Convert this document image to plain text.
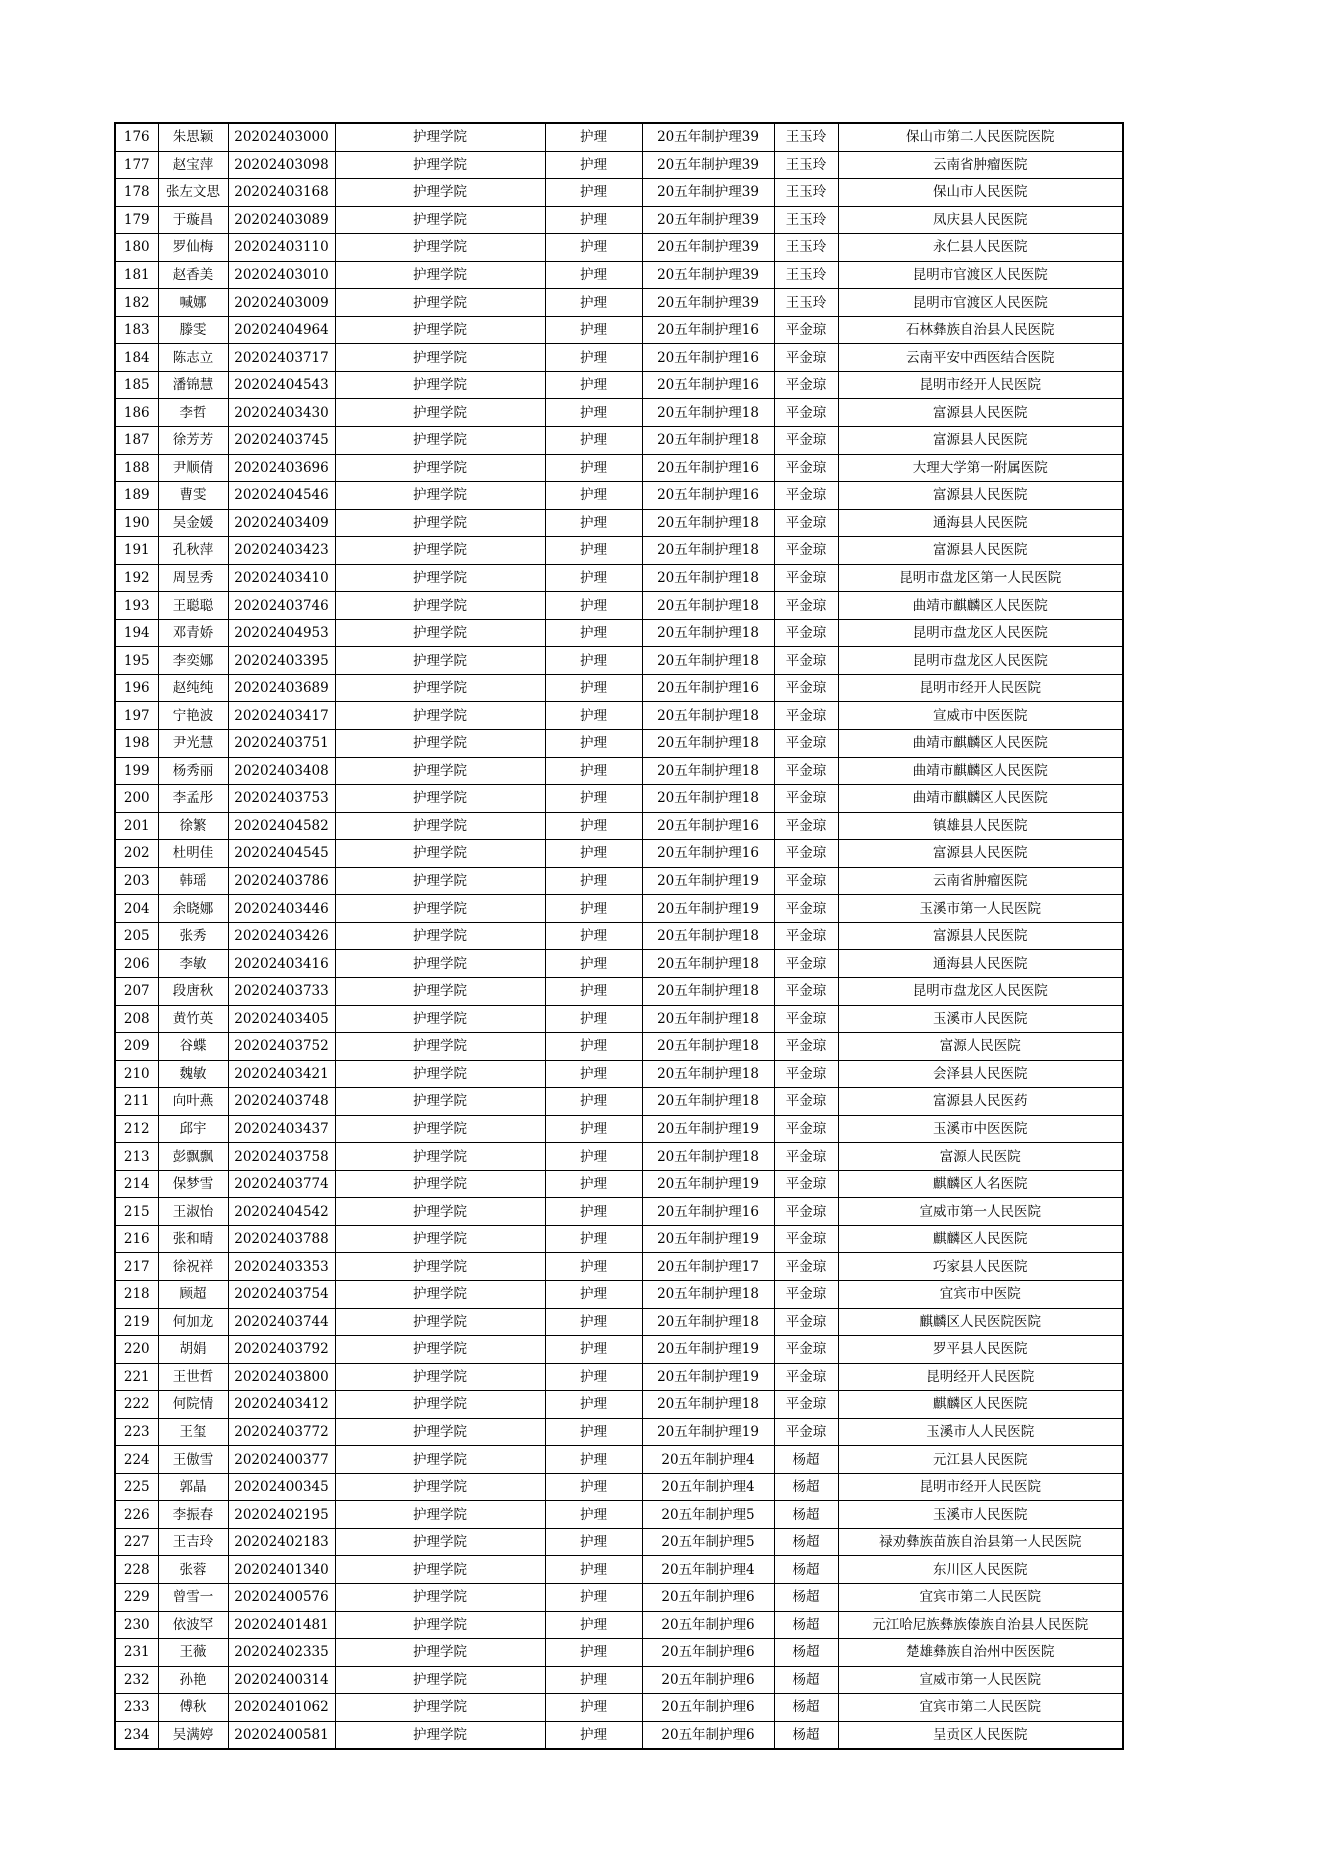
176	朱思颖	20202403000	护理学院	护理	20五年制护理39	王玉玲	保山市第二人民医院医院
177	赵宝萍	20202403098	护理学院	护理	20五年制护理39	王玉玲	云南省肿瘤医院
178	张左文思	20202403168	护理学院	护理	20五年制护理39	王玉玲	保山市人民医院
179	于璇昌	20202403089	护理学院	护理	20五年制护理39	王玉玲	凤庆县人民医院
180	罗仙梅	20202403110	护理学院	护理	20五年制护理39	王玉玲	永仁县人民医院
181	赵香美	20202403010	护理学院	护理	20五年制护理39	王玉玲	昆明市官渡区人民医院
182	喊娜	20202403009	护理学院	护理	20五年制护理39	王玉玲	昆明市官渡区人民医院
183	滕雯	20202404964	护理学院	护理	20五年制护理16	平金琼	石林彝族自治县人民医院
184	陈志立	20202403717	护理学院	护理	20五年制护理16	平金琼	云南平安中西医结合医院
185	潘锦慧	20202404543	护理学院	护理	20五年制护理16	平金琼	昆明市经开人民医院
186	李哲	20202403430	护理学院	护理	20五年制护理18	平金琼	富源县人民医院
187	徐芳芳	20202403745	护理学院	护理	20五年制护理18	平金琼	富源县人民医院
188	尹顺倩	20202403696	护理学院	护理	20五年制护理16	平金琼	大理大学第一附属医院
189	曹雯	20202404546	护理学院	护理	20五年制护理16	平金琼	富源县人民医院
190	吴金媛	20202403409	护理学院	护理	20五年制护理18	平金琼	通海县人民医院
191	孔秋萍	20202403423	护理学院	护理	20五年制护理18	平金琼	富源县人民医院
192	周昱秀	20202403410	护理学院	护理	20五年制护理18	平金琼	昆明市盘龙区第一人民医院
193	王聪聪	20202403746	护理学院	护理	20五年制护理18	平金琼	曲靖市麒麟区人民医院
194	邓青娇	20202404953	护理学院	护理	20五年制护理18	平金琼	昆明市盘龙区人民医院
195	李奕娜	20202403395	护理学院	护理	20五年制护理18	平金琼	昆明市盘龙区人民医院
196	赵纯纯	20202403689	护理学院	护理	20五年制护理16	平金琼	昆明市经开人民医院
197	宁艳波	20202403417	护理学院	护理	20五年制护理18	平金琼	宣威市中医医院
198	尹光慧	20202403751	护理学院	护理	20五年制护理18	平金琼	曲靖市麒麟区人民医院
199	杨秀丽	20202403408	护理学院	护理	20五年制护理18	平金琼	曲靖市麒麟区人民医院
200	李孟彤	20202403753	护理学院	护理	20五年制护理18	平金琼	曲靖市麒麟区人民医院
201	徐繁	20202404582	护理学院	护理	20五年制护理16	平金琼	镇雄县人民医院
202	杜明佳	20202404545	护理学院	护理	20五年制护理16	平金琼	富源县人民医院
203	韩瑶	20202403786	护理学院	护理	20五年制护理19	平金琼	云南省肿瘤医院
204	余晓娜	20202403446	护理学院	护理	20五年制护理19	平金琼	玉溪市第一人民医院
205	张秀	20202403426	护理学院	护理	20五年制护理18	平金琼	富源县人民医院
206	李敏	20202403416	护理学院	护理	20五年制护理18	平金琼	通海县人民医院
207	段唐秋	20202403733	护理学院	护理	20五年制护理18	平金琼	昆明市盘龙区人民医院
208	黄竹英	20202403405	护理学院	护理	20五年制护理18	平金琼	玉溪市人民医院
209	谷蝶	20202403752	护理学院	护理	20五年制护理18	平金琼	富源人民医院
210	魏敏	20202403421	护理学院	护理	20五年制护理18	平金琼	会泽县人民医院
211	向叶燕	20202403748	护理学院	护理	20五年制护理18	平金琼	富源县人民医药
212	邱宇	20202403437	护理学院	护理	20五年制护理19	平金琼	玉溪市中医医院
213	彭飘飘	20202403758	护理学院	护理	20五年制护理18	平金琼	富源人民医院
214	保梦雪	20202403774	护理学院	护理	20五年制护理19	平金琼	麒麟区人名医院
215	王淑怡	20202404542	护理学院	护理	20五年制护理16	平金琼	宣威市第一人民医院
216	张和晴	20202403788	护理学院	护理	20五年制护理19	平金琼	麒麟区人民医院
217	徐祝祥	20202403353	护理学院	护理	20五年制护理17	平金琼	巧家县人民医院
218	顾超	20202403754	护理学院	护理	20五年制护理18	平金琼	宜宾市中医院
219	何加龙	20202403744	护理学院	护理	20五年制护理18	平金琼	麒麟区人民医院医院
220	胡娟	20202403792	护理学院	护理	20五年制护理19	平金琼	罗平县人民医院
221	王世哲	20202403800	护理学院	护理	20五年制护理19	平金琼	昆明经开人民医院
222	何院情	20202403412	护理学院	护理	20五年制护理18	平金琼	麒麟区人民医院
223	王玺	20202403772	护理学院	护理	20五年制护理19	平金琼	玉溪市人人民医院
224	王傲雪	20202400377	护理学院	护理	20五年制护理4	杨超	元江县人民医院
225	郭晶	20202400345	护理学院	护理	20五年制护理4	杨超	昆明市经开人民医院
226	李振春	20202402195	护理学院	护理	20五年制护理5	杨超	玉溪市人民医院
227	王吉玲	20202402183	护理学院	护理	20五年制护理5	杨超	禄劝彝族苗族自治县第一人民医院
228	张蓉	20202401340	护理学院	护理	20五年制护理4	杨超	东川区人民医院
229	曾雪一	20202400576	护理学院	护理	20五年制护理6	杨超	宜宾市第二人民医院
230	依波罕	20202401481	护理学院	护理	20五年制护理6	杨超	元江哈尼族彝族傣族自治县人民医院
231	王薇	20202402335	护理学院	护理	20五年制护理6	杨超	楚雄彝族自治州中医医院
232	孙艳	20202400314	护理学院	护理	20五年制护理6	杨超	宣威市第一人民医院
233	傅秋	20202401062	护理学院	护理	20五年制护理6	杨超	宜宾市第二人民医院
234	吴满婷	20202400581	护理学院	护理	20五年制护理6	杨超	呈贡区人民医院
